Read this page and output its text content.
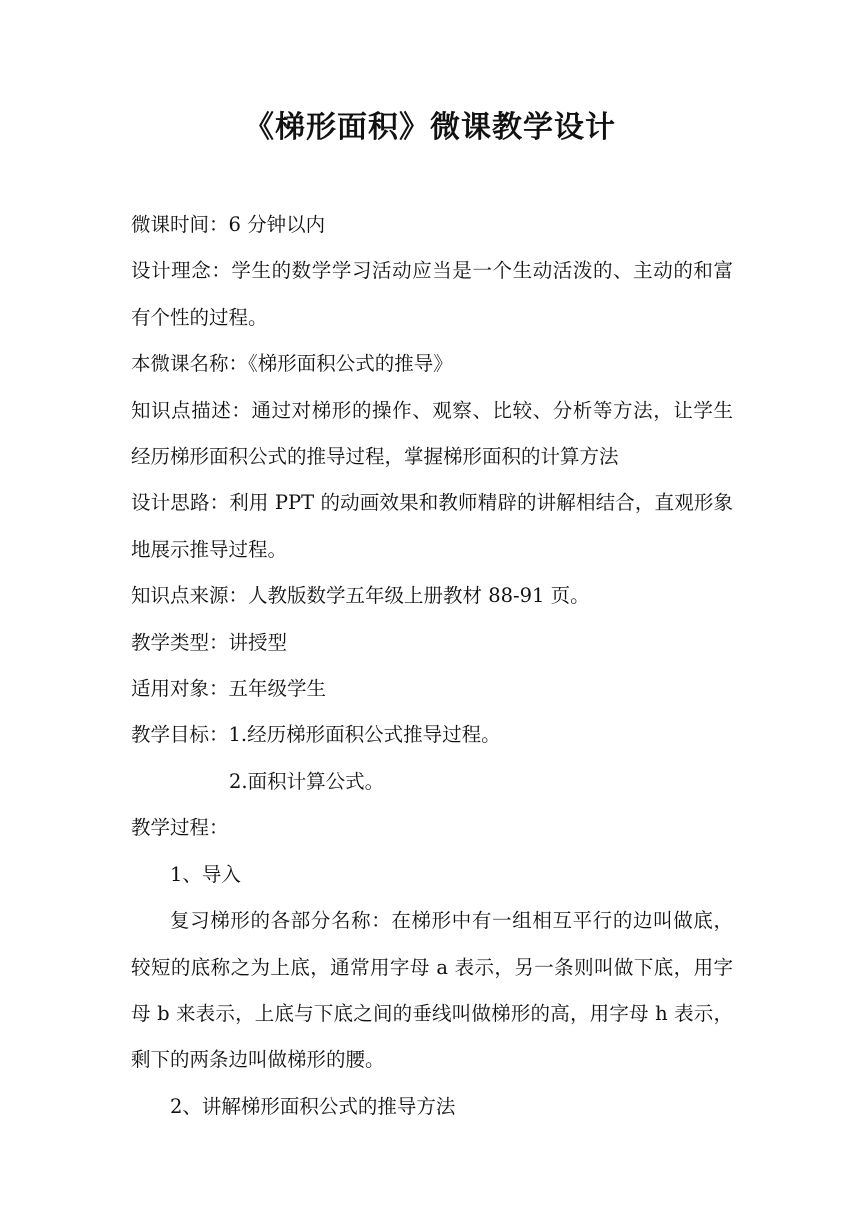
《梯形面积》微课教学设计

微课时间：6 分钟以内

设计理念：学生的数学学习活动应当是一个生动活泼的、主动的和富有个性的过程。

本微课名称：《梯形面积公式的推导》

知识点描述：通过对梯形的操作、观察、比较、分析等方法，让学生经历梯形面积公式的推导过程，掌握梯形面积的计算方法

设计思路：利用 PPT 的动画效果和教师精辟的讲解相结合，直观形象地展示推导过程。

知识点来源：人教版数学五年级上册教材 88-91 页。

教学类型：讲授型

适用对象：五年级学生

教学目标：1.经历梯形面积公式推导过程。

2.面积计算公式。

教学过程：

1、导入

复习梯形的各部分名称：在梯形中有一组相互平行的边叫做底，较短的底称之为上底，通常用字母 a 表示，另一条则叫做下底，用字母 b 来表示，上底与下底之间的垂线叫做梯形的高，用字母 h 表示，剩下的两条边叫做梯形的腰。

2、讲解梯形面积公式的推导方法
